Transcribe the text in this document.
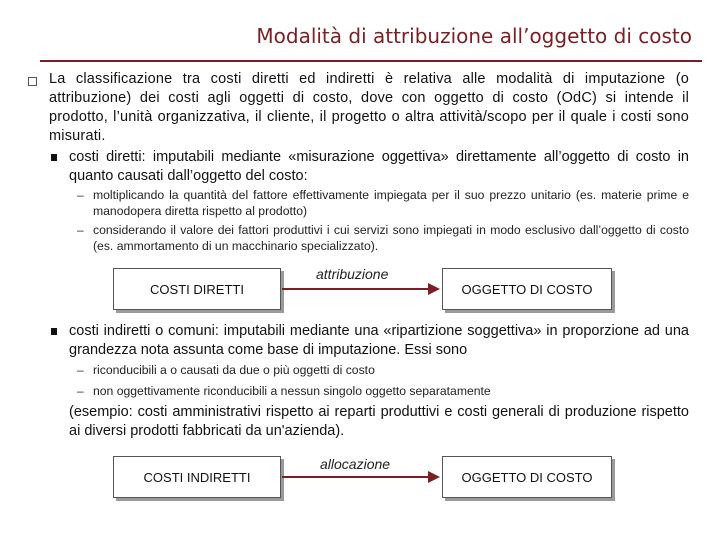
Modalità di attribuzione all’oggetto di costo

La classificazione tra costi diretti ed indiretti è relativa alle modalità di imputazione (o attribuzione) dei costi agli oggetti di costo, dove con oggetto di costo (OdC) si intende il prodotto, l’unità organizzativa, il cliente, il progetto o altra attività/scopo per il quale i costi sono misurati.

costi diretti: imputabili mediante «misurazione oggettiva» direttamente all’oggetto di costo in quanto causati dall’oggetto del costo:

– moltiplicando la quantità del fattore effettivamente impiegata per il suo prezzo unitario (es. materie prime e manodopera diretta rispetto al prodotto)

– considerando il valore dei fattori produttivi i cui servizi sono impiegati in modo esclusivo dall’oggetto di costo (es. ammortamento di un macchinario specializzato).

COSTI DIRETTI
attribuzione
OGGETTO DI COSTO

costi indiretti o comuni: imputabili mediante una «ripartizione soggettiva» in proporzione ad una grandezza nota assunta come base di imputazione. Essi sono

– riconducibili a o causati da due o più oggetti di costo

– non oggettivamente riconducibili a nessun singolo oggetto separatamente

(esempio: costi amministrativi rispetto ai reparti produttivi e costi generali di produzione rispetto ai diversi prodotti fabbricati da un'azienda).

COSTI INDIRETTI
allocazione
OGGETTO DI COSTO
